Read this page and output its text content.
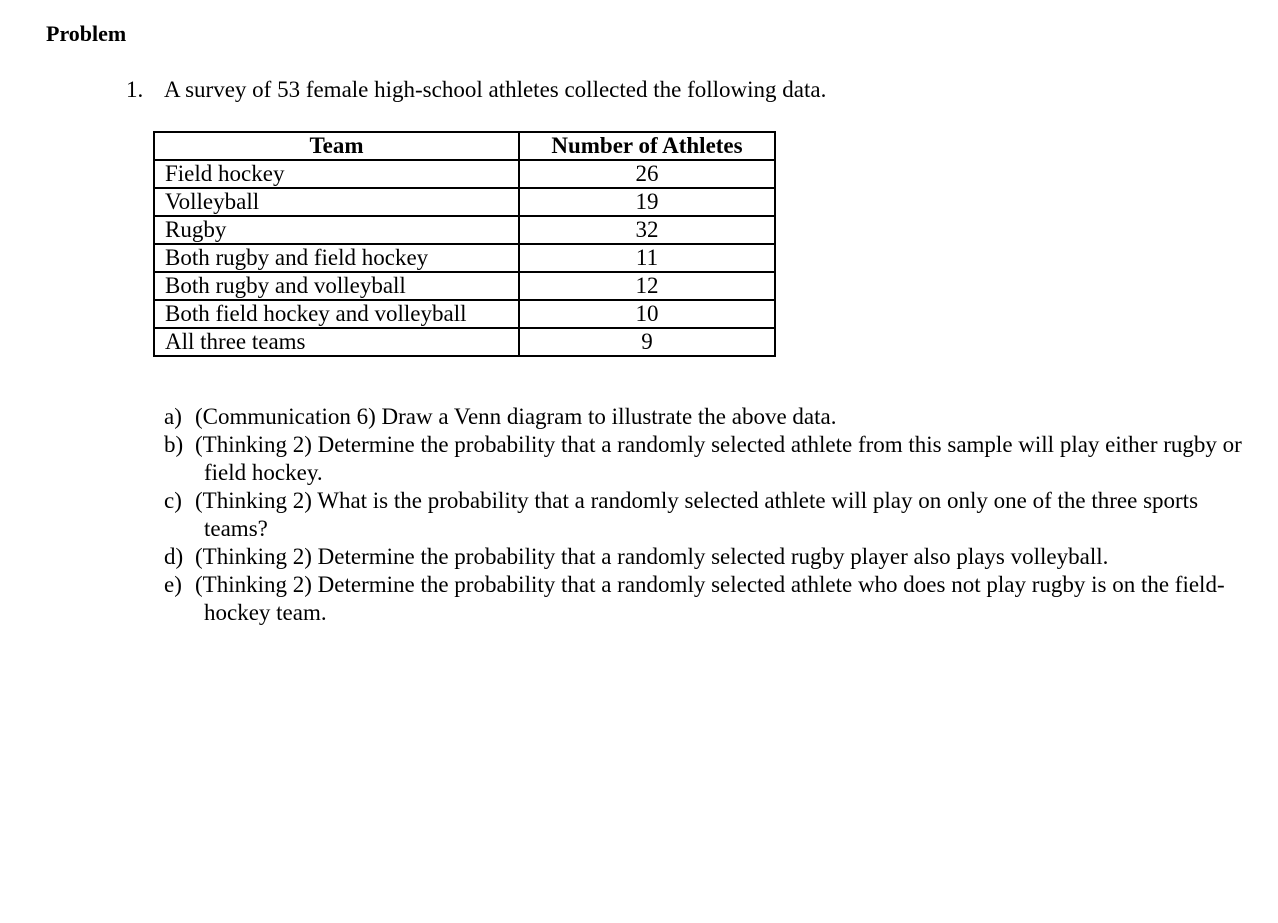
Problem
1. A survey of 53 female high-school athletes collected the following data.
Team	Number of Athletes
Field hockey	26
Volleyball	19
Rugby	32
Both rugby and field hockey	11
Both rugby and volleyball	12
Both field hockey and volleyball	10
All three teams	9
a) (Communication 6) Draw a Venn diagram to illustrate the above data.
b) (Thinking 2) Determine the probability that a randomly selected athlete from this sample will play either rugby or field hockey.
c) (Thinking 2) What is the probability that a randomly selected athlete will play on only one of the three sports teams?
d) (Thinking 2) Determine the probability that a randomly selected rugby player also plays volleyball.
e) (Thinking 2) Determine the probability that a randomly selected athlete who does not play rugby is on the field-hockey team.
